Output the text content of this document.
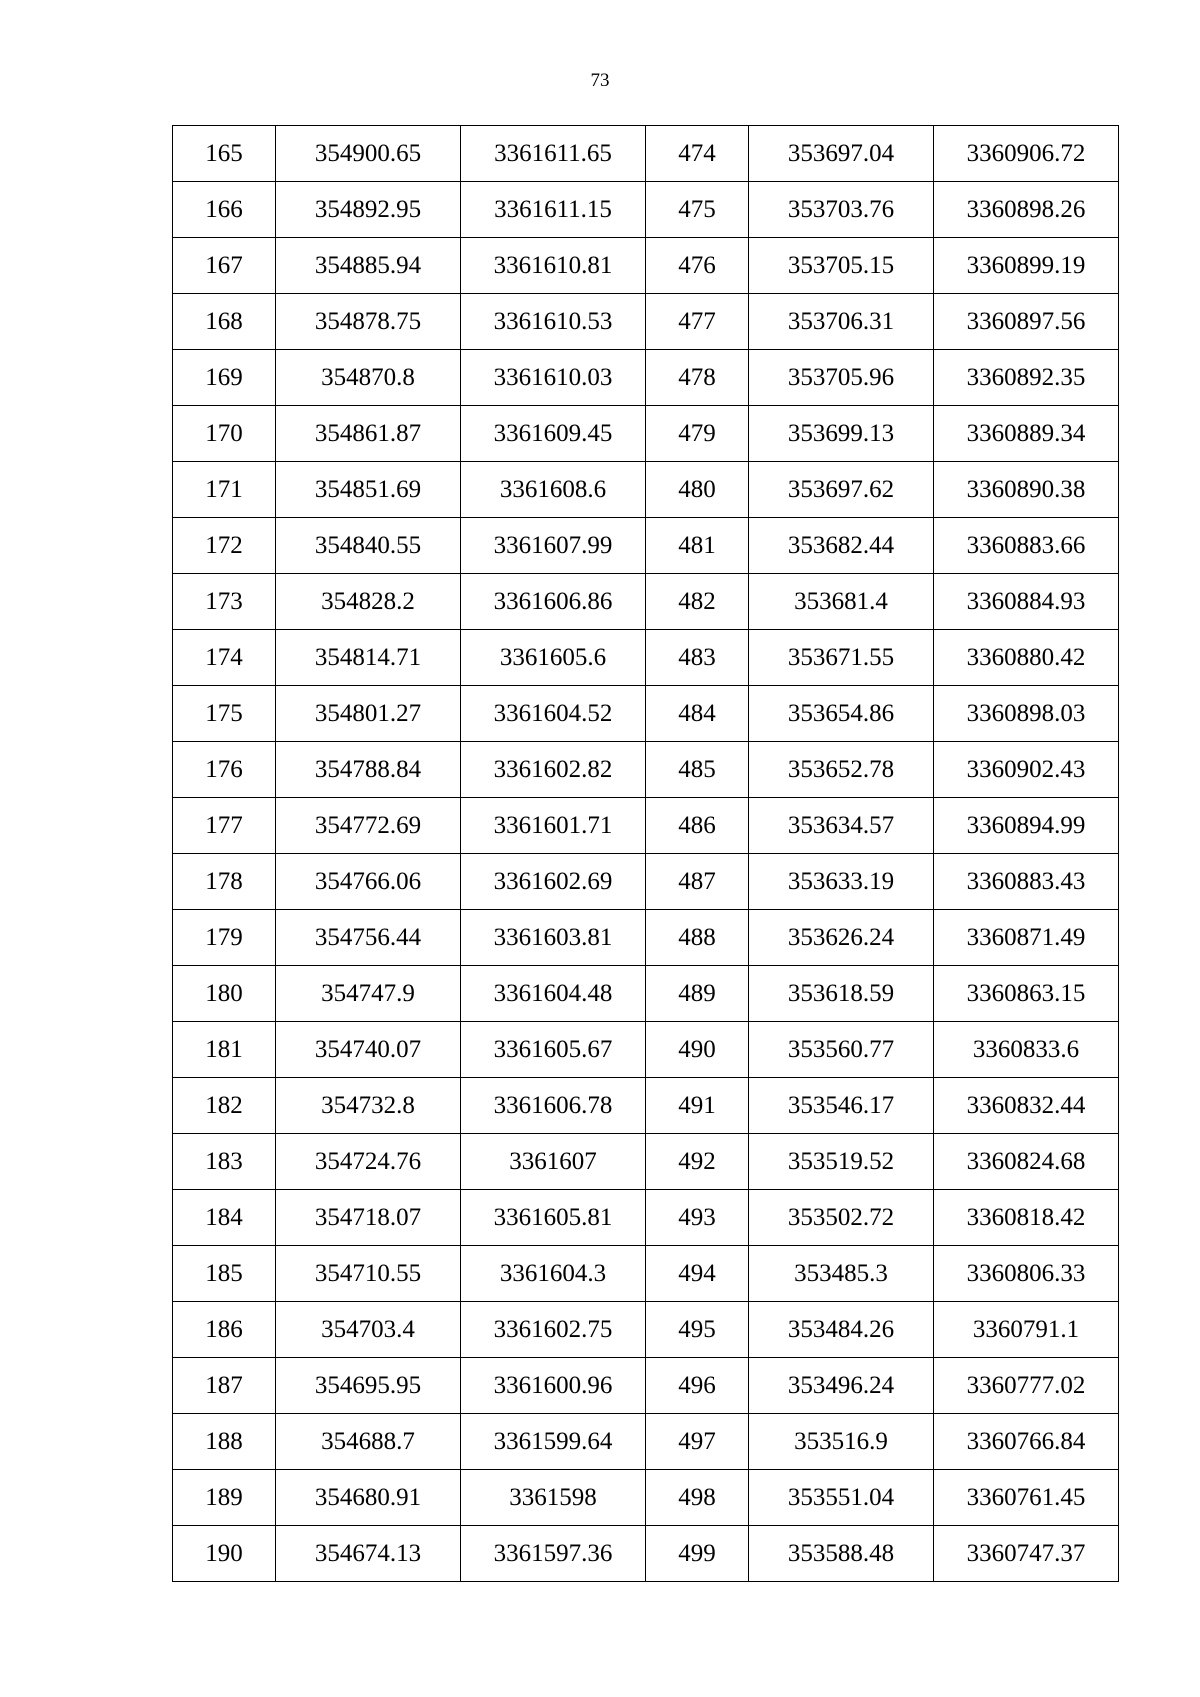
73
165	354900.65	3361611.65	474	353697.04	3360906.72
166	354892.95	3361611.15	475	353703.76	3360898.26
167	354885.94	3361610.81	476	353705.15	3360899.19
168	354878.75	3361610.53	477	353706.31	3360897.56
169	354870.8	3361610.03	478	353705.96	3360892.35
170	354861.87	3361609.45	479	353699.13	3360889.34
171	354851.69	3361608.6	480	353697.62	3360890.38
172	354840.55	3361607.99	481	353682.44	3360883.66
173	354828.2	3361606.86	482	353681.4	3360884.93
174	354814.71	3361605.6	483	353671.55	3360880.42
175	354801.27	3361604.52	484	353654.86	3360898.03
176	354788.84	3361602.82	485	353652.78	3360902.43
177	354772.69	3361601.71	486	353634.57	3360894.99
178	354766.06	3361602.69	487	353633.19	3360883.43
179	354756.44	3361603.81	488	353626.24	3360871.49
180	354747.9	3361604.48	489	353618.59	3360863.15
181	354740.07	3361605.67	490	353560.77	3360833.6
182	354732.8	3361606.78	491	353546.17	3360832.44
183	354724.76	3361607	492	353519.52	3360824.68
184	354718.07	3361605.81	493	353502.72	3360818.42
185	354710.55	3361604.3	494	353485.3	3360806.33
186	354703.4	3361602.75	495	353484.26	3360791.1
187	354695.95	3361600.96	496	353496.24	3360777.02
188	354688.7	3361599.64	497	353516.9	3360766.84
189	354680.91	3361598	498	353551.04	3360761.45
190	354674.13	3361597.36	499	353588.48	3360747.37
